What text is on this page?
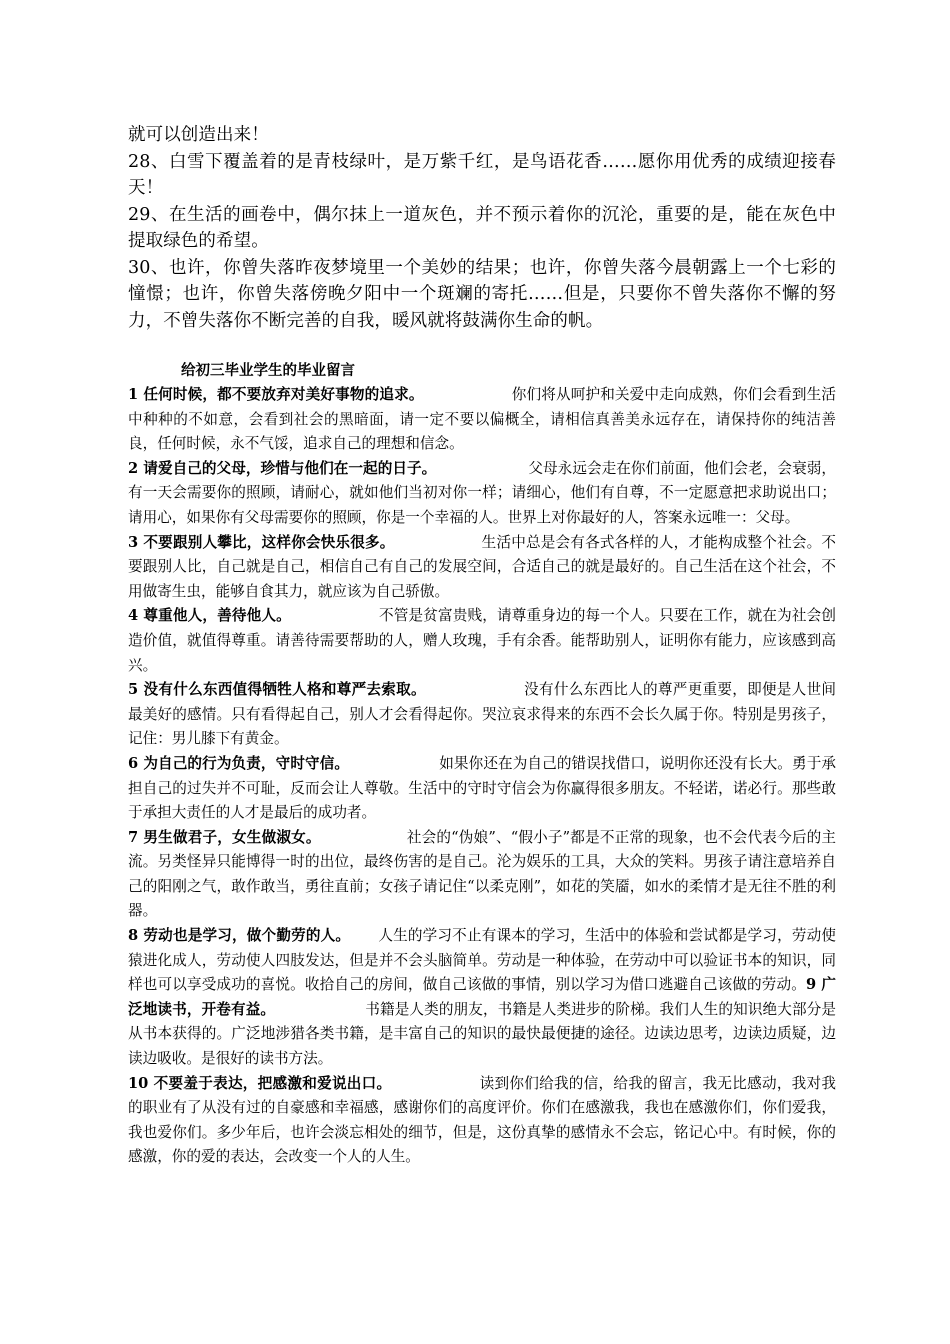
就可以创造出来！

28、白雪下覆盖着的是青枝绿叶，是万紫千红，是鸟语花香……愿你用优秀的成绩迎接春天！

29、在生活的画卷中，偶尔抹上一道灰色，并不预示着你的沉沦，重要的是，能在灰色中提取绿色的希望。

30、也许，你曾失落昨夜梦境里一个美妙的结果；也许，你曾失落今晨朝露上一个七彩的憧憬；也许，你曾失落傍晚夕阳中一个斑斓的寄托……但是，只要你不曾失落你不懈的努力，不曾失落你不断完善的自我，暖风就将鼓满你生命的帆。

给初三毕业学生的毕业留言

1 任何时候，都不要放弃对美好事物的追求。	你们将从呵护和关爱中走向成熟，你们会看到生活中种种的不如意，会看到社会的黑暗面，请一定不要以偏概全，请相信真善美永远存在，请保持你的纯洁善良，任何时候，永不气馁，追求自己的理想和信念。

2 请爱自己的父母，珍惜与他们在一起的日子。	父母永远会走在你们前面，他们会老，会衰弱，有一天会需要你的照顾，请耐心，就如他们当初对你一样；请细心，他们有自尊，不一定愿意把求助说出口；请用心，如果你有父母需要你的照顾，你是一个幸福的人。世界上对你最好的人，答案永远唯一：父母。

3 不要跟别人攀比，这样你会快乐很多。	生活中总是会有各式各样的人，才能构成整个社会。不要跟别人比，自己就是自己，相信自己有自己的发展空间，合适自己的就是最好的。自己生活在这个社会，不用做寄生虫，能够自食其力，就应该为自己骄傲。

4 尊重他人，善待他人。	不管是贫富贵贱，请尊重身边的每一个人。只要在工作，就在为社会创造价值，就值得尊重。请善待需要帮助的人，赠人玫瑰，手有余香。能帮助别人，证明你有能力，应该感到高兴。

5 没有什么东西值得牺牲人格和尊严去索取。	没有什么东西比人的尊严更重要，即便是人世间最美好的感情。只有看得起自己，别人才会看得起你。哭泣哀求得来的东西不会长久属于你。特别是男孩子，记住：男儿膝下有黄金。

6 为自己的行为负责，守时守信。	如果你还在为自己的错误找借口，说明你还没有长大。勇于承担自己的过失并不可耻，反而会让人尊敬。生活中的守时守信会为你赢得很多朋友。不轻诺，诺必行。那些敢于承担大责任的人才是最后的成功者。

7 男生做君子，女生做淑女。	社会的“伪娘”、“假小子”都是不正常的现象，也不会代表今后的主流。另类怪异只能博得一时的出位，最终伤害的是自己。沦为娱乐的工具，大众的笑料。男孩子请注意培养自己的阳刚之气，敢作敢当，勇往直前；女孩子请记住“以柔克刚”，如花的笑靥，如水的柔情才是无往不胜的利器。

8 劳动也是学习，做个勤劳的人。 人生的学习不止有课本的学习，生活中的体验和尝试都是学习，劳动使猿进化成人，劳动使人四肢发达，但是并不会头脑简单。劳动是一种体验，在劳动中可以验证书本的知识，同样也可以享受成功的喜悦。收拾自己的房间，做自己该做的事情，别以学习为借口逃避自己该做的劳动。9 广泛地读书，开卷有益。	书籍是人类的朋友，书籍是人类进步的阶梯。我们人生的知识绝大部分是从书本获得的。广泛地涉猎各类书籍，是丰富自己的知识的最快最便捷的途径。边读边思考，边读边质疑，边读边吸收。是很好的读书方法。

10 不要羞于表达，把感激和爱说出口。	读到你们给我的信，给我的留言，我无比感动，我对我的职业有了从没有过的自豪感和幸福感，感谢你们的高度评价。你们在感激我，我也在感激你们，你们爱我，我也爱你们。多少年后，也许会淡忘相处的细节，但是，这份真挚的感情永不会忘，铭记心中。有时候，你的感激，你的爱的表达，会改变一个人的人生。
